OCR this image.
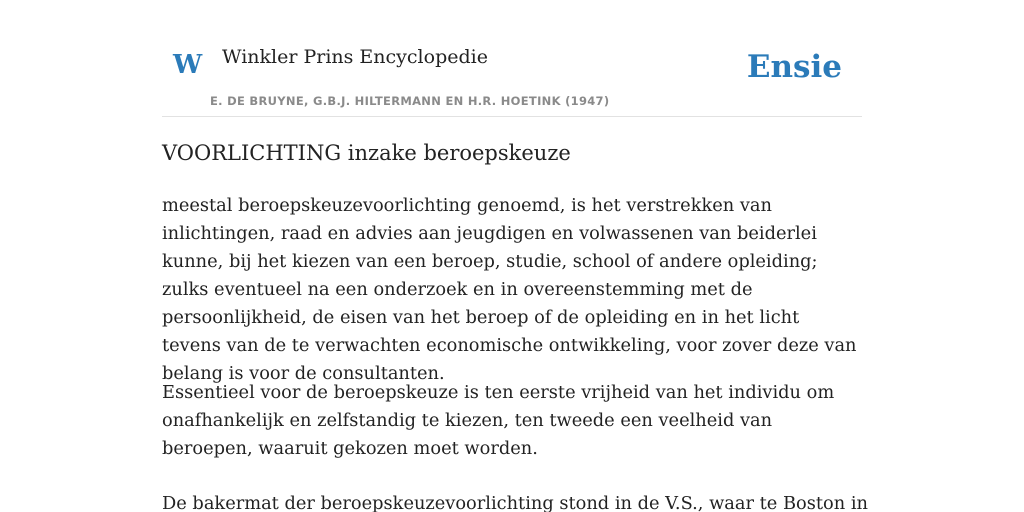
W Winkler Prins Encyclopedie
E. DE BRUYNE, G.B.J. HILTERMANN EN H.R. HOETINK (1947)
Ensie
VOORLICHTING inzake beroepskeuze

meestal beroepskeuzevoorlichting genoemd, is het verstrekken van inlichtingen, raad en advies aan jeugdigen en volwassenen van beiderlei kunne, bij het kiezen van een beroep, studie, school of andere opleiding; zulks eventueel na een onderzoek en in overeenstemming met de persoonlijkheid, de eisen van het beroep of de opleiding en in het licht tevens van de te verwachten economische ontwikkeling, voor zover deze van belang is voor de consultanten.

Essentieel voor de beroepskeuze is ten eerste vrijheid van het individu om onafhankelijk en zelfstandig te kiezen, ten tweede een veelheid van beroepen, waaruit gekozen moet worden.

De bakermat der beroepskeuzevoorlichting stond in de V.S., waar te Boston in
